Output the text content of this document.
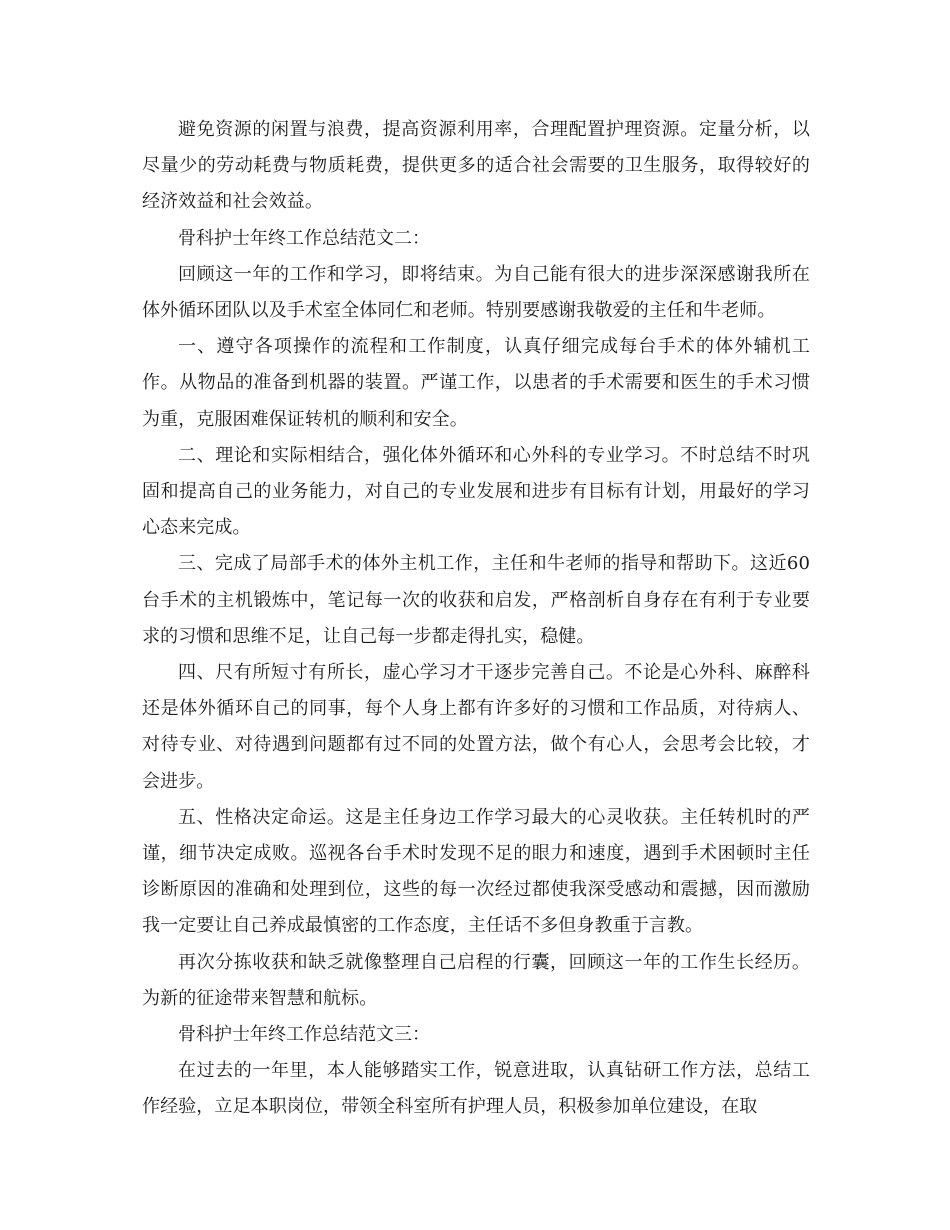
避免资源的闲置与浪费，提高资源利用率，合理配置护理资源。定量分析，以尽量少的劳动耗费与物质耗费，提供更多的适合社会需要的卫生服务，取得较好的经济效益和社会效益。

骨科护士年终工作总结范文二：

回顾这一年的工作和学习，即将结束。为自己能有很大的进步深深感谢我所在体外循环团队以及手术室全体同仁和老师。特别要感谢我敬爱的主任和牛老师。

一、遵守各项操作的流程和工作制度，认真仔细完成每台手术的体外辅机工作。从物品的准备到机器的装置。严谨工作，以患者的手术需要和医生的手术习惯为重，克服困难保证转机的顺利和安全。

二、理论和实际相结合，强化体外循环和心外科的专业学习。不时总结不时巩固和提高自己的业务能力，对自己的专业发展和进步有目标有计划，用最好的学习心态来完成。

三、完成了局部手术的体外主机工作，主任和牛老师的指导和帮助下。这近60台手术的主机锻炼中，笔记每一次的收获和启发，严格剖析自身存在有利于专业要求的习惯和思维不足，让自己每一步都走得扎实，稳健。

四、尺有所短寸有所长，虚心学习才干逐步完善自己。不论是心外科、麻醉科还是体外循环自己的同事，每个人身上都有许多好的习惯和工作品质，对待病人、对待专业、对待遇到问题都有过不同的处置方法，做个有心人，会思考会比较，才会进步。

五、性格决定命运。这是主任身边工作学习最大的心灵收获。主任转机时的严谨，细节决定成败。巡视各台手术时发现不足的眼力和速度，遇到手术困顿时主任诊断原因的准确和处理到位，这些的每一次经过都使我深受感动和震撼，因而激励我一定要让自己养成最慎密的工作态度，主任话不多但身教重于言教。

再次分拣收获和缺乏就像整理自己启程的行囊，回顾这一年的工作生长经历。为新的征途带来智慧和航标。

骨科护士年终工作总结范文三：

在过去的一年里，本人能够踏实工作，锐意进取，认真钻研工作方法，总结工作经验，立足本职岗位，带领全科室所有护理人员，积极参加单位建设，在取
